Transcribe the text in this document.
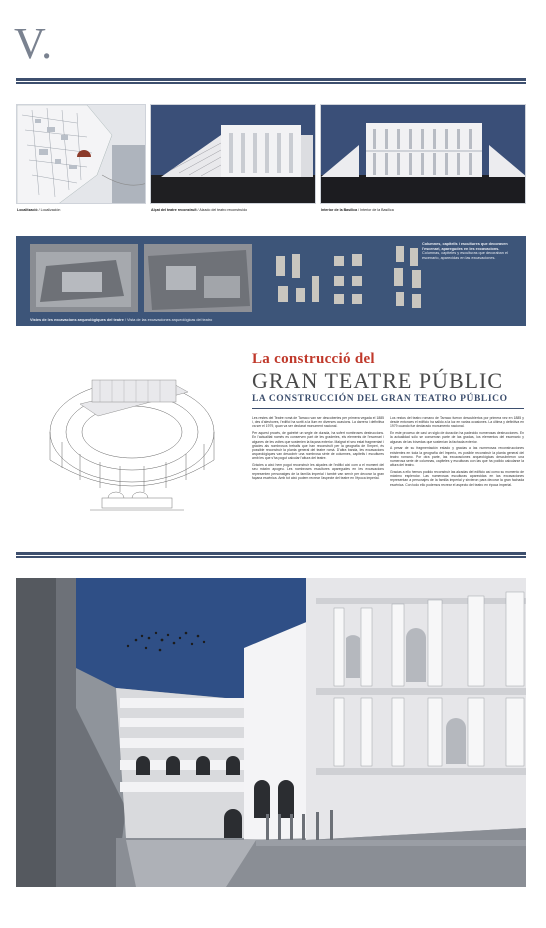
V.
Localització / Localización	Alçat del teatre reconstruït / Alzado del teatro reconstruido	Interior de la Basílica / Interior de la Basílica
Vistes de les excavacions arqueològiques del teatre / Vista de las excavaciones arqueológicas del teatro
Columnes, capitells i escultures que decoraven
l'escenari, aparegudes en les excavacions.
Columnas, capiteles y esculturas que decoraban el
escenario, aparecidas en las excavaciones.
La construcció del
GRAN TEATRE PÚBLIC
LA CONSTRUCCIÓN DEL GRAN TEATRO PÚBLICO

Les restes del Teatre romà de Tarraco van ser descobertes per primera vegada el 1885 i, des d'aleshores, l'edifici ha sortit a la llum en diverses ocasions. La darrera i definitiva va ser el 1979, quan va ser declarat monument nacional.

Per aquest procés, de gairebé un segle de durada, ha sofert nombroses destruccions. En l'actualitat només es conserven part de les graderies, els elements de l'escenari i algunes de les voltes que sostenien la façana exterior. Malgrat el seu estat fragmentari i gràcies als nombrosos treballs que han reconstruït per la geografia de l'Imperi, és possible reconstruir la planta general del teatre romà. D'altra banda, les excavacions arqueològiques van descobrir una nombrosa sèrie de columnes, capitells i escultures amb les que s'ha pogut calcular l'altura del teatre.

Gràcies a això hem pogut reconstruir les alçades de l'edifici així com a el moment del seu màxim apogeu. Les nombroses escultures aparegudes en les excavacions representen personatges de la família imperial i també van servir per decorar la gran façana escènica. Amb tot això podem recrear l'aspecte del teatre en l'època imperial.

Los restos del teatro romano de Tarraco fueron descubiertos por primera vez en 1885 y desde entonces el edificio ha salido a la luz en varias ocasiones. La última y definitiva en 1979 cuando fue declarado monumento nacional.

En este proceso de casi un siglo de duración ha padecido numerosas destrucciones. En la actualidad sólo se conservan parte de las gradas, los elementos del escenario y algunas de las bóvedas que sostenían la fachada exterior.

A pesar de su fragmentación estado y gracias a las numerosas reconstrucciones existentes en toda la geografía del Imperio, es posible reconstruir la planta general del teatro romano. Por otra parte, las excavaciones arqueológicas descubrieron una numerosa serie de columnas, capiteles y esculturas con las que ha podido calcularse la altura del teatro.

Gracias a ello hemos podido reconstruir las alzadas del edificio así como su momento de máximo esplendor. Las numerosas esculturas aparecidas en las excavaciones representan a personajes de la familia imperial y sirvieron para decorar la gran fachada escénica. Con todo ello podemos recrear el aspecto del teatro en época imperial.
